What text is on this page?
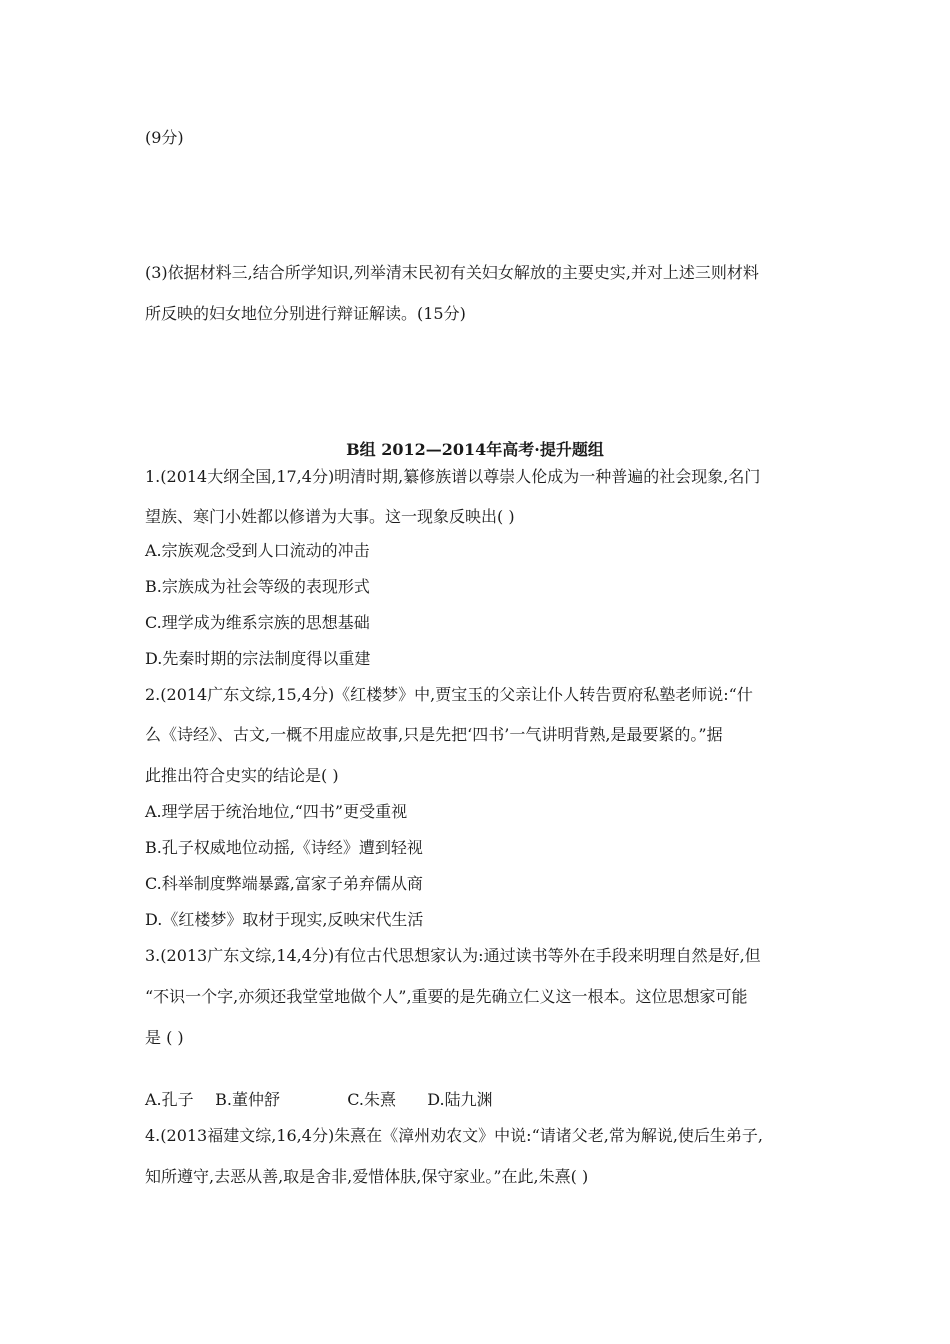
(9分)
(3)依据材料三,结合所学知识,列举清末民初有关妇女解放的主要史实,并对上述三则材料
所反映的妇女地位分别进行辩证解读。(15分)
B组 2012—2014年高考·提升题组
1.(2014大纲全国,17,4分)明清时期,纂修族谱以尊崇人伦成为一种普遍的社会现象,名门
望族、寒门小姓都以修谱为大事。这一现象反映出( )
A.宗族观念受到人口流动的冲击
B.宗族成为社会等级的表现形式
C.理学成为维系宗族的思想基础
D.先秦时期的宗法制度得以重建
2.(2014广东文综,15,4分)《红楼梦》中,贾宝玉的父亲让仆人转告贾府私塾老师说:“什
么《诗经》、古文,一概不用虚应故事,只是先把‘四书’一气讲明背熟,是最要紧的。”据
此推出符合史实的结论是( )
A.理学居于统治地位,“四书”更受重视
B.孔子权威地位动摇,《诗经》遭到轻视
C.科举制度弊端暴露,富家子弟弃儒从商
D.《红楼梦》取材于现实,反映宋代生活
3.(2013广东文综,14,4分)有位古代思想家认为:通过读书等外在手段来明理自然是好,但
“不识一个字,亦须还我堂堂地做个人”,重要的是先确立仁义这一根本。这位思想家可能
是 ( )
A.孔子 B.董仲舒	C.朱熹 D.陆九渊
4.(2013福建文综,16,4分)朱熹在《漳州劝农文》中说:“请诸父老,常为解说,使后生弟子,
知所遵守,去恶从善,取是舍非,爱惜体肤,保守家业。”在此,朱熹( )
